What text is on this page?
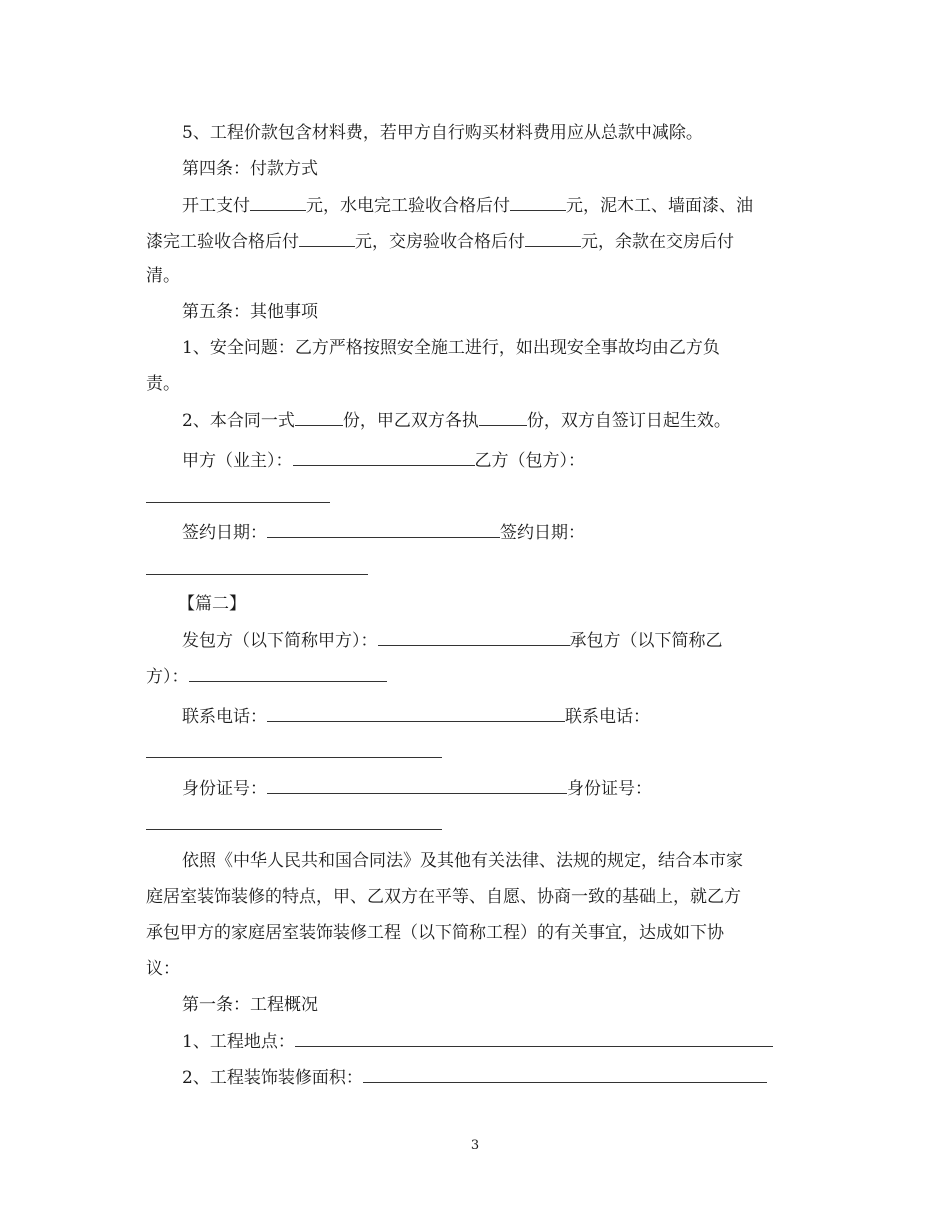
5、工程价款包含材料费，若甲方自行购买材料费用应从总款中减除。

第四条：付款方式

开工支付	元，水电完工验收合格后付	元，泥木工、墙面漆、油

漆完工验收合格后付	元，交房验收合格后付	元，余款在交房后付

清。

第五条：其他事项

1、安全问题：乙方严格按照安全施工进行，如出现安全事故均由乙方负

责。

2、本合同一式	份，甲乙双方各执	份，双方自签订日起生效。

甲方（业主）：	乙方（包方）：

签约日期：	签约日期：

【篇二】

发包方（以下简称甲方）：	承包方（以下简称乙

方）：

联系电话：	联系电话：

身份证号：	身份证号：

依照《中华人民共和国合同法》及其他有关法律、法规的规定，结合本市家

庭居室装饰装修的特点，甲、乙双方在平等、自愿、协商一致的基础上，就乙方

承包甲方的家庭居室装饰装修工程（以下简称工程）的有关事宜，达成如下协

议：

第一条：工程概况

1、工程地点：

2、工程装饰装修面积：

3
